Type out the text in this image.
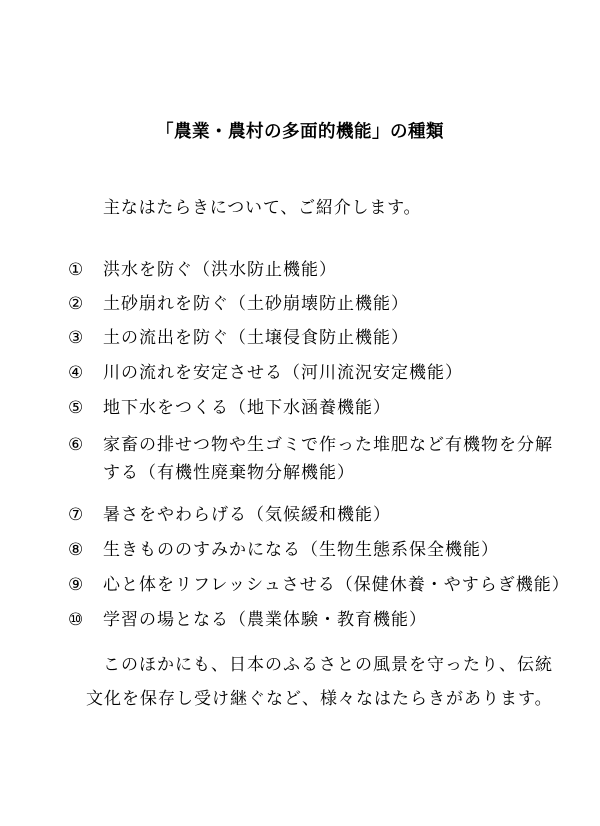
「農業・農村の多面的機能」の種類
主なはたらきについて、ご紹介します。
①	洪水を防ぐ（洪水防止機能）
②	土砂崩れを防ぐ（土砂崩壊防止機能）
③	土の流出を防ぐ（土壌侵食防止機能）
④	川の流れを安定させる（河川流況安定機能）
⑤	地下水をつくる（地下水涵養機能）
⑥	家畜の排せつ物や生ゴミで作った堆肥など有機物を分解
⑦	暑さをやわらげる（気候緩和機能）
⑧	生きもののすみかになる（生物生態系保全機能）
⑨	心と体をリフレッシュさせる（保健休養・やすらぎ機能）
⑩	学習の場となる（農業体験・教育機能）
する（有機性廃棄物分解機能）
このほかにも、日本のふるさとの風景を守ったり、伝統
文化を保存し受け継ぐなど、様々なはたらきがあります。
